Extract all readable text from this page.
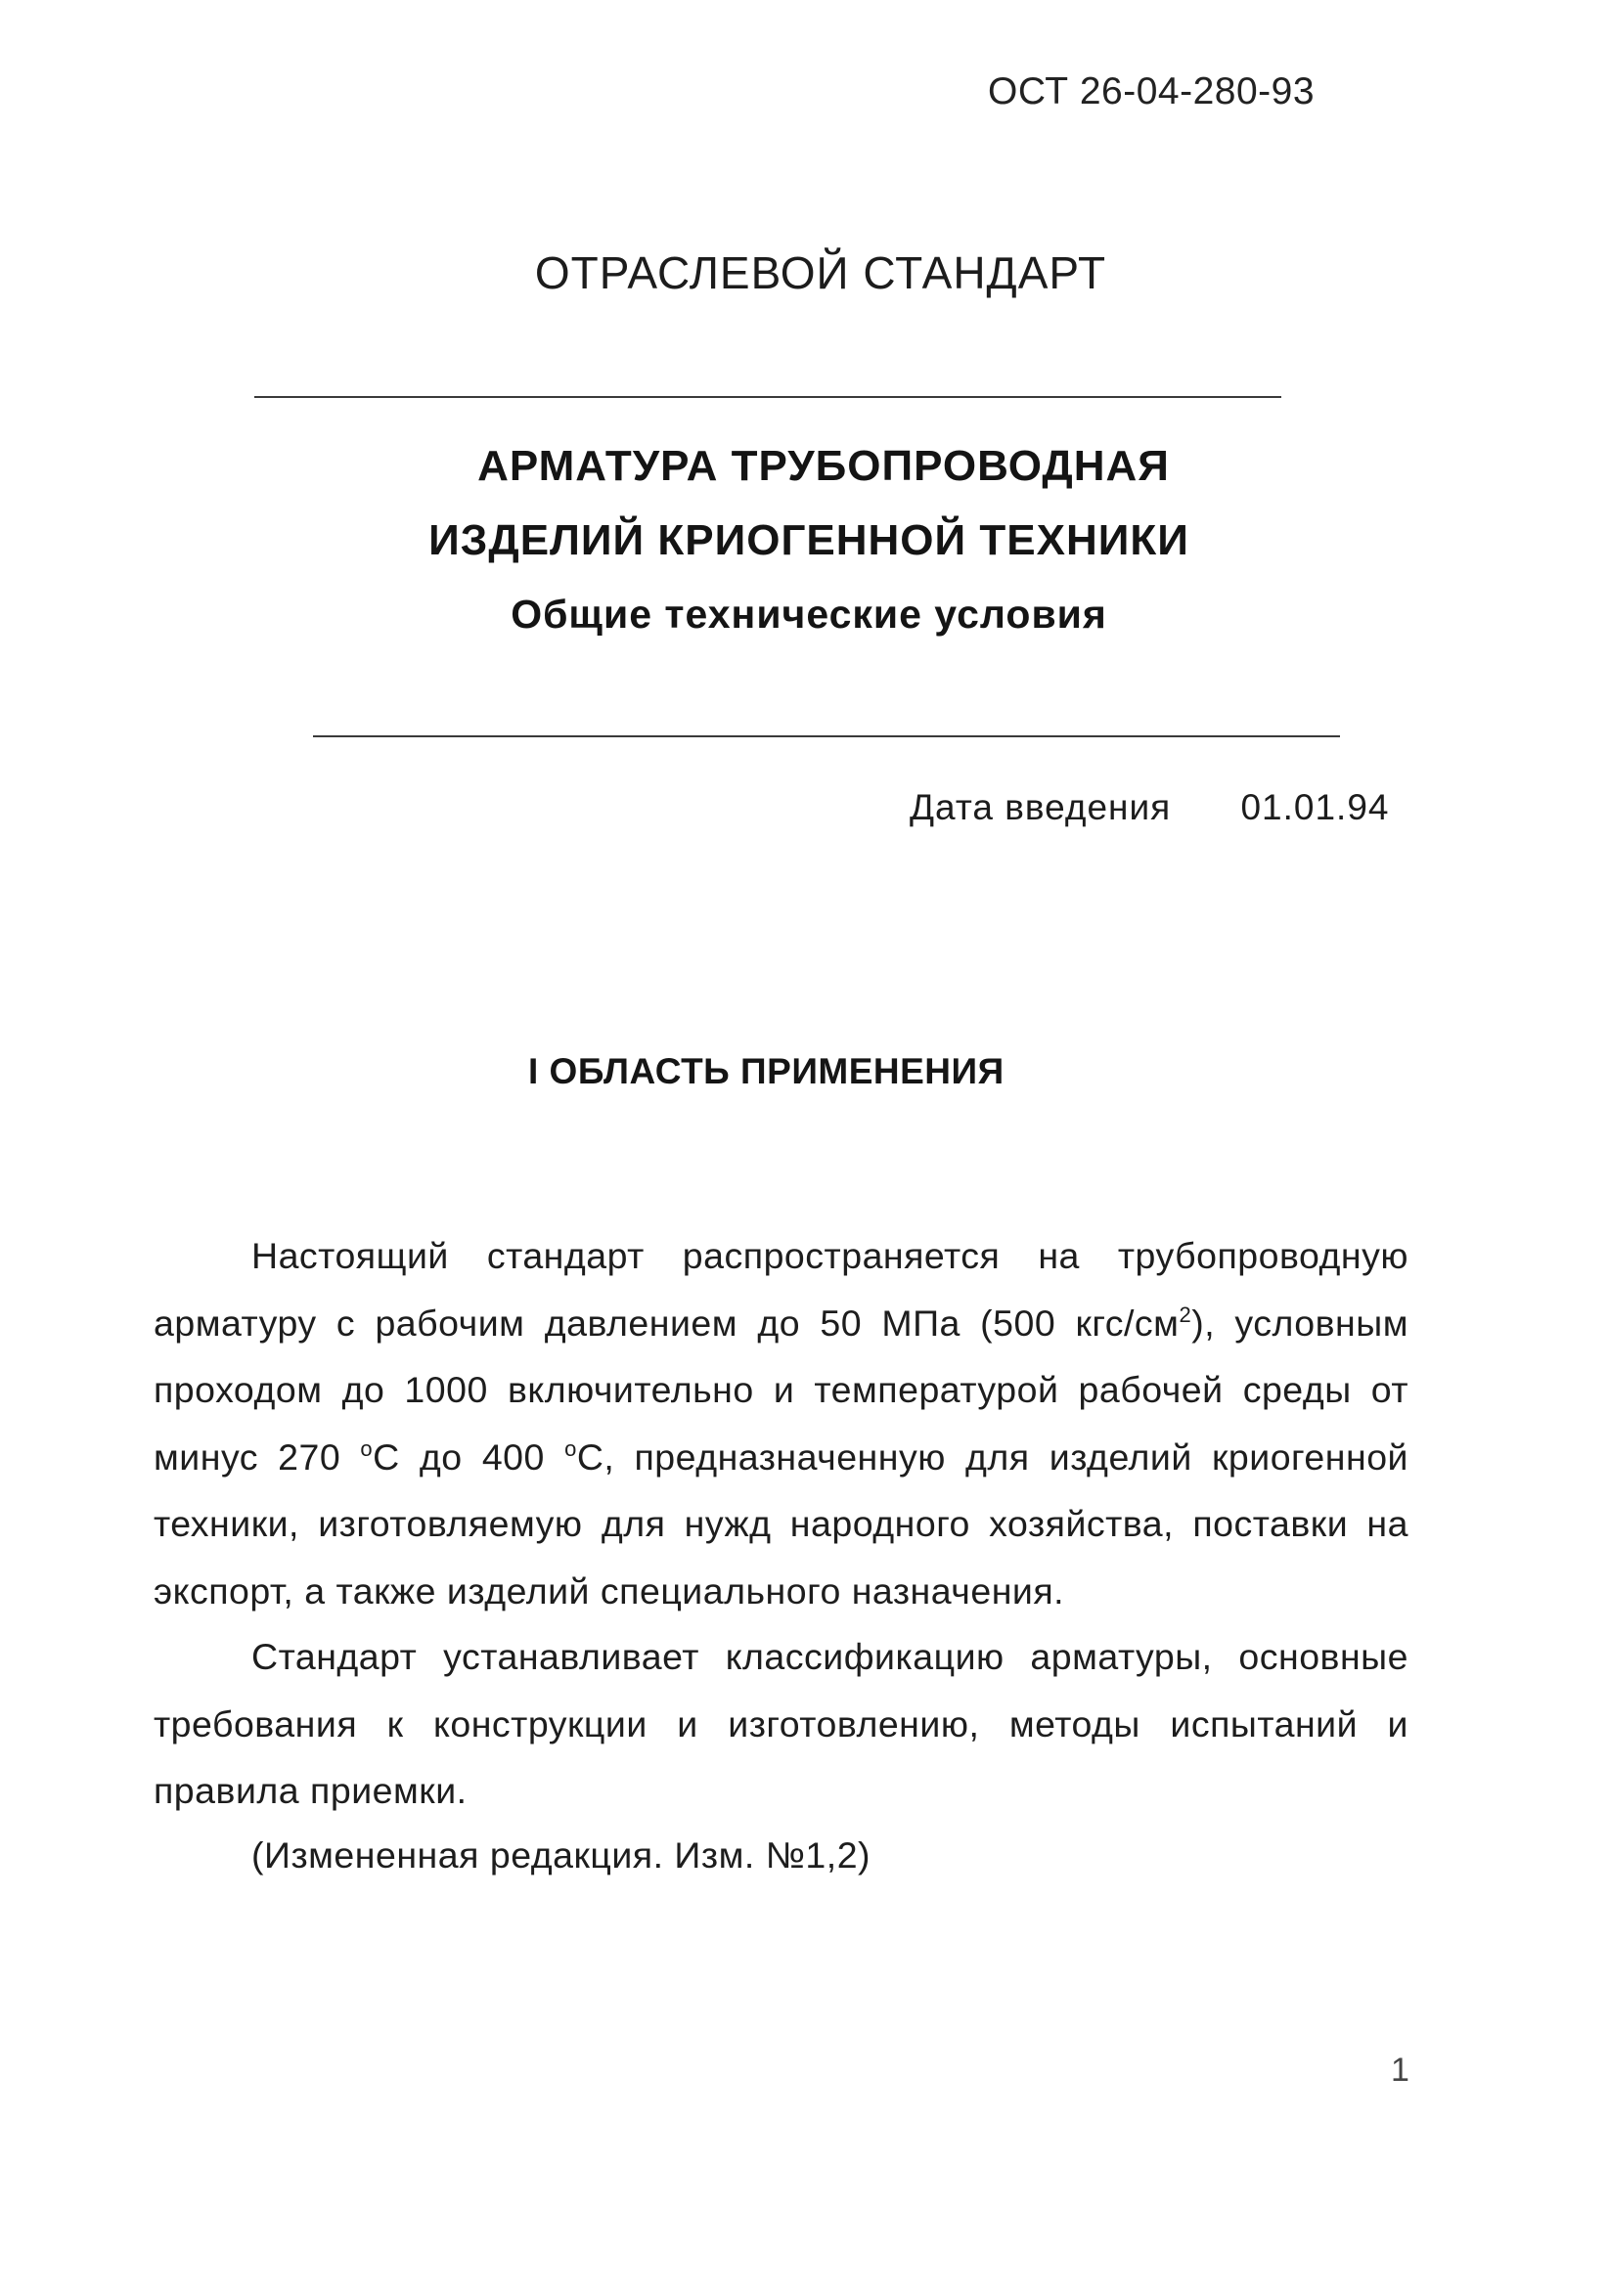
ОСТ 26-04-280-93
ОТРАСЛЕВОЙ СТАНДАРТ
АРМАТУРА ТРУБОПРОВОДНАЯ
ИЗДЕЛИЙ КРИОГЕННОЙ ТЕХНИКИ
Общие технические условия
Дата введения 01.01.94
I ОБЛАСТЬ ПРИМЕНЕНИЯ
Настоящий стандарт распространяется на трубопроводную
арматуру с рабочим давлением до 50 МПа (500 кгс/$см^2$), условным
проходом до 1000 включительно и температурой рабочей среды от
минус 270 $^о$С до 400 $^о$С, предназначенную для изделий криогенной
техники, изготовляемую для нужд народного хозяйства, поставки на
экспорт, а также изделий специального назначения.
Стандарт устанавливает классификацию арматуры, основные
требования к конструкции и изготовлению, методы испытаний и
правила приемки.
(Измененная редакция. Изм. №1,2)
1
